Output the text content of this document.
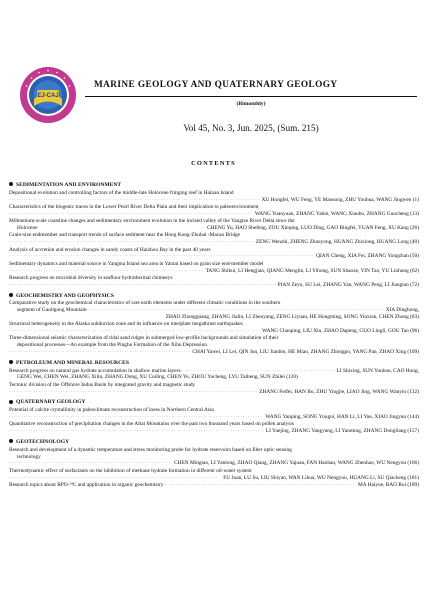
EJ-CAJ
MARINE GEOLOGY AND QUATERNARY GEOLOGY
(Bimonthly)
Vol 45, No. 3, Jun. 2025, (Sum. 215)
CONTENTS
SEDIMENTATION AND ENVIRONMENT
Depositional evolution and controlling factors of the middle-late Holocene fringing reef in Hainan Island
·····
XU Hongfei, WU Feng, YE Maosong, ZHU Youhua, WANG Jingwen (1)
Characteristics of the biogenic traces in the Lower Pearl River Delta Plain and their implication to paleoenvironment
·····
WANG Yuanyuan, ZHANG Yabin, WANG Xiaobo, ZHANG Guocheng (13)
Millennium-scale coastline changes and sedimentary environment evolution in the incised valley of the Yangtze River Delta since the
Holocene	CHENG Yu, HAO Shefeng, ZOU Xinqing, LUO Ding, GAO Bingfei, YUAN Feng, XU Kang (26)
Grain-size endmember and transport trends of surface sediment near the Hong Kong-Zhuhai -Macao Bridge
·····
ZENG Wenzhi, ZHENG Zhaoyong, HUANG Zhixiong, HUANG Long (40)
Analysis of accretion and erosion changes in sandy coasts of Haizhou Bay in the past 40 years
·····
QIAN Cheng, XIA Fei, ZHANG Yongzhan (50)
Sedimentary dynamics and material source in Yangma Island sea area in Yantai based on grain size end-member model
·····
TANG Shikui, LI Hengjian, QIANG Menglin, LI Yihong, SUN Shaoze, YIN Tao, YU Linhong (62)
Research progress on microbial diversity in seafloor hydrothermal chimneys
·····
PIAN Zeyu, SU Lei, ZHANG Yan, WANG Peng, LI Jiangtao (72)
GEOCHEMISTRY AND GEOPHYSICS
Comparative study on the geochemical characteristics of rare earth elements under different climatic conditions in the southern
segment of Gaoligong Mountain ·····	XIA Dinghong,
ZHAO Zhongguang, ZHANG Jialin, LI Zhenyang, ZENG Liyuan, HE Hongming, SONG Yinxian, CHEN Zhong (83)
Structural heterogeneity in the Alaska subduction zone and its influence on interplate megathrust earthquakes
·····
WANG Chaoping, LIU Xin, ZHAO Dapeng, GUO Lingli, GOU Tao (96)
Three-dimensional seismic characterization of tidal sand ridges in submerged low-profile backgrounds and simulation of their
depositional processes—An example from the Pinghu Formation of the Xihu Depression
·····
CHAI Yawei, LI Lei, QIN Jun, LIU Jianbin, HE Miao, ZHANG Zhongpo, YANG Pan, ZHAO Xing (109)
PETROLEUM AND MINERAL RESOURCES
Research progress on natural gas hydrate accumulation in shallow marine layers ·····	LI Shixing, SUN Yunbao, CAO Hong,
GENG Wei, CHEN Wei, ZHANG Xilin, ZHANG Dong, XU Cuiling, CHEN Ye, ZHOU Yucheng, LYU Taiheng, SUN Zhilei (120)
Tectonic division of the Offshore Indus Basin by integrated gravity and magnetic study
·····
ZHANG Feifei, HAN Bo, ZHU Yingjie, LIAO Jing, WANG Wanyin (132)
QUATERNARY GEOLOGY
Potential of calcite crystallinity in paleoclimate reconstruction of loess in Northern Central Asia
·····
WANG Yanping, SONG Yougui, HAN Li, LI Yue, XIAO Jingyun (144)
Quantitative reconstruction of precipitation changes in the Altai Mountains over the past two thousand years based on pollen analysis
·····
LI Yuejing, ZHANG Yangyang, LI Yaoming, ZHANG Dongliang (157)
GEOTECHNOLOGY
Research and development of a dynamic temperature and stress monitoring probe for hydrate reservoirs based on fiber optic sensing
technology
·····
CHEN Mingtao, LI Yanlong, ZHAO Qiang, ZHANG Yajuan, FAN Haohao, WANG Zhenhao, WU Nengyou (166)
Thermodynamic effect of surfactants on the inhibition of methane hydrate formation in different oil-water system
·····
FU Juan, LU Su, LIU Shiyan, WAN Lihua, WU Nengyou, HUANG Li, SU Qiacheng (181)
Research topics about RPO-¹⁴C and application in organic geochemistry ·····	MA Haiyue, BAO Rui (189)
